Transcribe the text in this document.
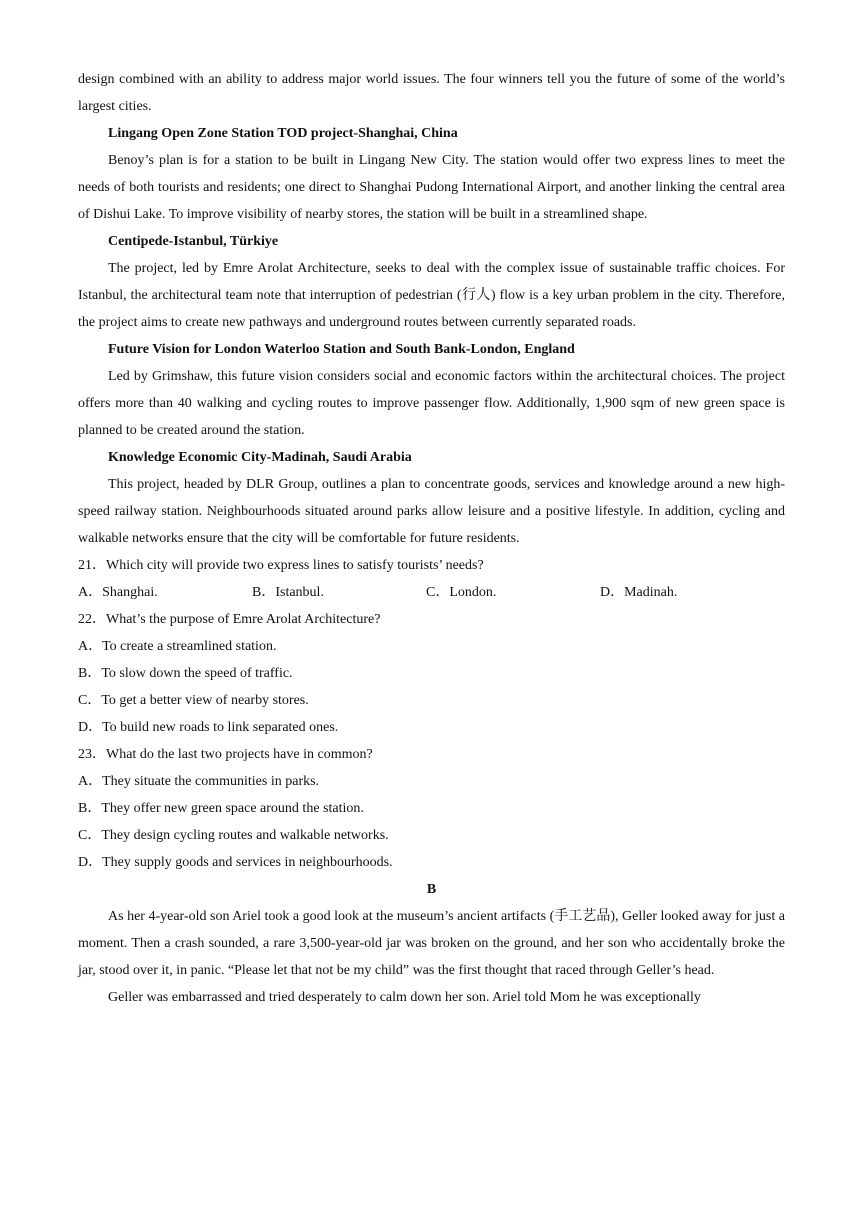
design combined with an ability to address major world issues. The four winners tell you the future of some of the world’s largest cities.

Lingang Open Zone Station TOD project-Shanghai, China

Benoy’s plan is for a station to be built in Lingang New City. The station would offer two express lines to meet the needs of both tourists and residents; one direct to Shanghai Pudong International Airport, and another linking the central area of Dishui Lake. To improve visibility of nearby stores, the station will be built in a streamlined shape.

Centipede-Istanbul, Türkiye

The project, led by Emre Arolat Architecture, seeks to deal with the complex issue of sustainable traffic choices. For Istanbul, the architectural team note that interruption of pedestrian (行人) flow is a key urban problem in the city. Therefore, the project aims to create new pathways and underground routes between currently separated roads.

Future Vision for London Waterloo Station and South Bank-London, England

Led by Grimshaw, this future vision considers social and economic factors within the architectural choices. The project offers more than 40 walking and cycling routes to improve passenger flow. Additionally, 1,900 sqm of new green space is planned to be created around the station.

Knowledge Economic City-Madinah, Saudi Arabia

This project, headed by DLR Group, outlines a plan to concentrate goods, services and knowledge around a new high-speed railway station. Neighbourhoods situated around parks allow leisure and a positive lifestyle. In addition, cycling and walkable networks ensure that the city will be comfortable for future residents.

21．Which city will provide two express lines to satisfy tourists’ needs?

A．Shanghai.	B．Istanbul.	C．London.	D．Madinah.

22．What’s the purpose of Emre Arolat Architecture?

A．To create a streamlined station.

B．To slow down the speed of traffic.

C．To get a better view of nearby stores.

D．To build new roads to link separated ones.

23．What do the last two projects have in common?

A．They situate the communities in parks.

B．They offer new green space around the station.

C．They design cycling routes and walkable networks.

D．They supply goods and services in neighbourhoods.

B

As her 4-year-old son Ariel took a good look at the museum’s ancient artifacts (手工艺品), Geller looked away for just a moment. Then a crash sounded, a rare 3,500-year-old jar was broken on the ground, and her son who accidentally broke the jar, stood over it, in panic. “Please let that not be my child” was the first thought that raced through Geller’s head.

Geller was embarrassed and tried desperately to calm down her son. Ariel told Mom he was exceptionally
